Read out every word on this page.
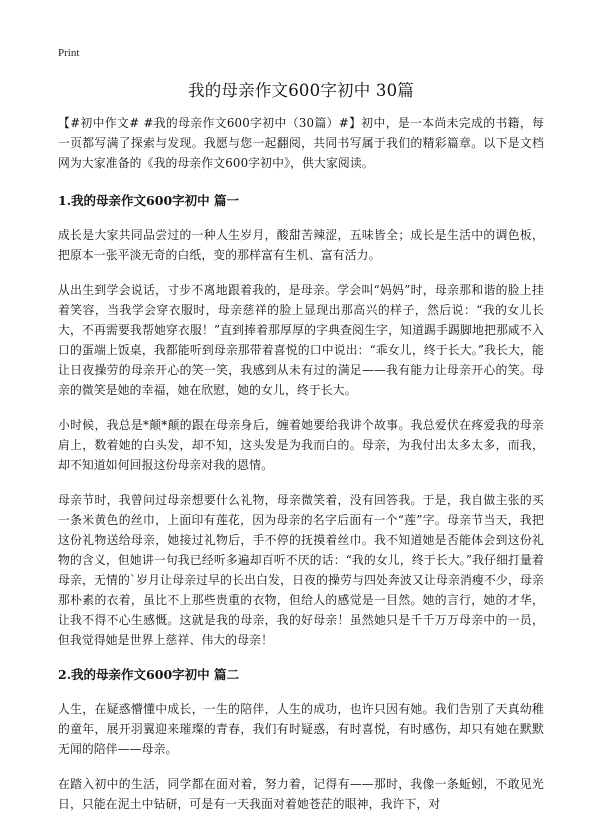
Print
我的母亲作文600字初中 30篇

【#初中作文# #我的母亲作文600字初中（30篇）#】初中，是一本尚未完成的书籍，每一页都写满了探索与发现。我愿与您一起翻阅，共同书写属于我们的精彩篇章。以下是文档网为大家准备的《我的母亲作文600字初中》，供大家阅读。

1.我的母亲作文600字初中 篇一

成长是大家共同品尝过的一种人生岁月，酸甜苦辣涩，五味皆全；成长是生活中的调色板，把原本一张平淡无奇的白纸，变的那样富有生机、富有活力。

从出生到学会说话，寸步不离地跟着我的，是母亲。学会叫“妈妈”时，母亲那和谐的脸上挂着笑容，当我学会穿衣服时，母亲慈祥的脸上显现出那高兴的样子，然后说：“我的女儿长大，不再需要我帮她穿衣服！”直到捧着那厚厚的字典查阅生字，知道踢手踢脚地把那咸不入口的蛋端上饭桌，我都能听到母亲那带着喜悦的口中说出：“乖女儿，终于长大。”我长大，能让日夜操劳的母亲开心的笑一笑，我感到从未有过的满足——我有能力让母亲开心的笑。母亲的微笑是她的幸福，她在欣慰，她的女儿，终于长大。

小时候，我总是*颠*颠的跟在母亲身后，缠着她要给我讲个故事。我总爱伏在疼爱我的母亲肩上，数着她的白头发，却不知，这头发是为我而白的。母亲，为我付出太多太多，而我，却不知道如何回报这份母亲对我的恩情。

母亲节时，我曾问过母亲想要什么礼物，母亲微笑着，没有回答我。于是，我自做主张的买一条米黄色的丝巾，上面印有莲花，因为母亲的名字后面有一个“莲”字。母亲节当天，我把这份礼物送给母亲，她接过礼物后，手不停的抚摸着丝巾。我不知道她是否能体会到这份礼物的含义，但她讲一句我已经听多遍却百听不厌的话：“我的女儿，终于长大。”我仔细打量着母亲，无情的`岁月让母亲过早的长出白发，日夜的操劳与四处奔波又让母亲消瘦不少，母亲那朴素的衣着，虽比不上那些贵重的衣物，但给人的感觉是一目然。她的言行，她的才华，让我不得不心生感慨。这就是我的母亲，我的好母亲！虽然她只是千千万万母亲中的一员，但我觉得她是世界上慈祥、伟大的母亲！

2.我的母亲作文600字初中 篇二

人生，在疑惑懵懂中成长，一生的陪伴，人生的成功，也许只因有她。我们告别了天真幼稚的童年，展开羽翼迎来璀璨的青春，我们有时疑惑，有时喜悦，有时感伤，却只有她在默默无闻的陪伴——母亲。

在踏入初中的生活，同学都在面对着，努力着，记得有——那时，我像一条蚯蚓，不敢见光日，只能在泥土中钻研，可是有一天我面对着她苍茫的眼神，我许下，对
